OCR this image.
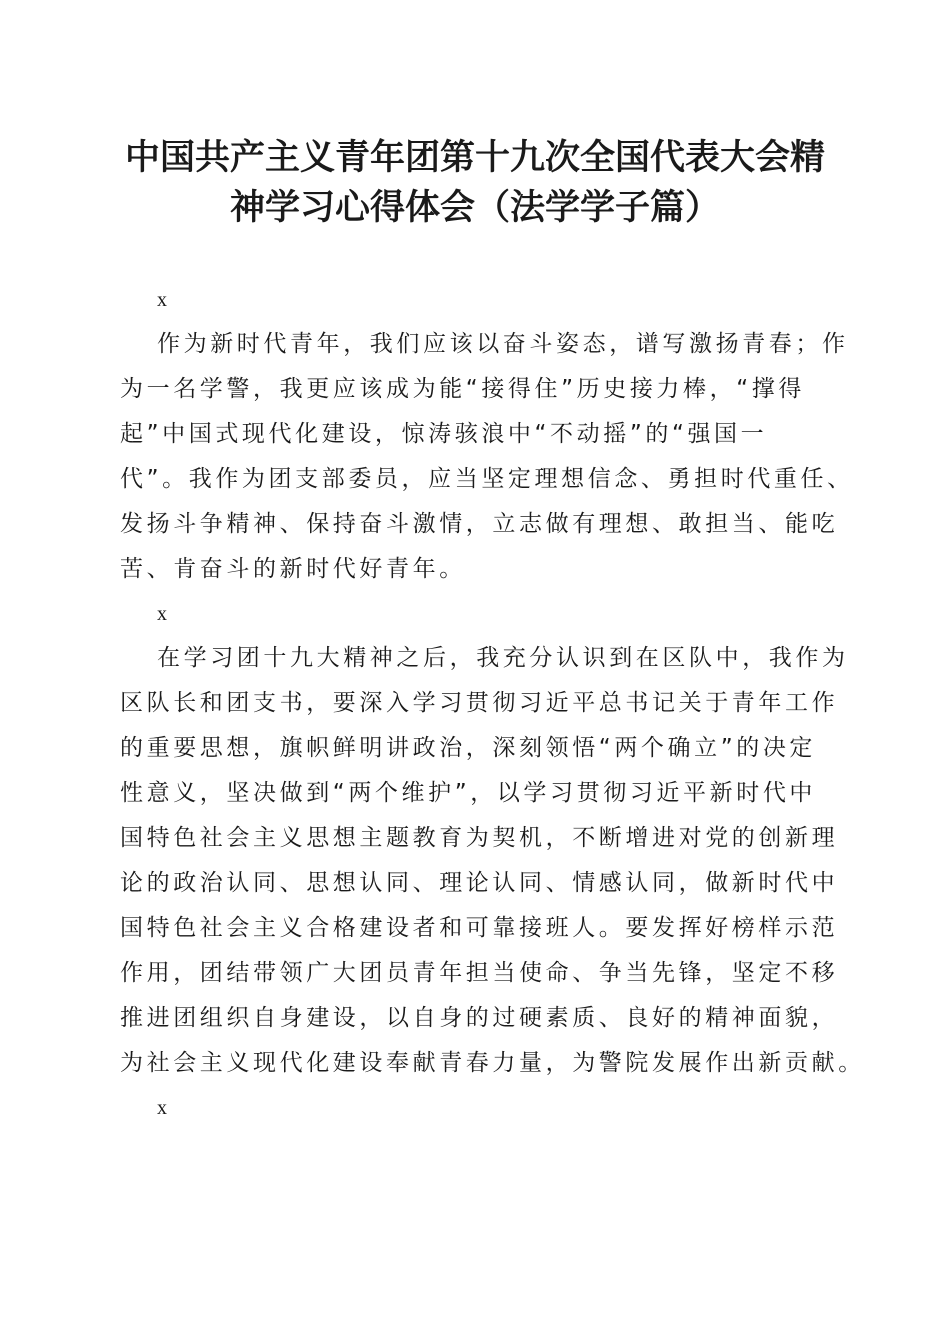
中国共产主义青年团第十九次全国代表大会精
神学习心得体会（法学学子篇）
x

作为新时代青年，我们应该以奋斗姿态，谱写激扬青春；作
为一名学警，我更应该成为能“接得住”历史接力棒，“撑得
起”中国式现代化建设，惊涛骇浪中“不动摇”的“强国一
代”。我作为团支部委员，应当坚定理想信念、勇担时代重任、
发扬斗争精神、保持奋斗激情，立志做有理想、敢担当、能吃
苦、肯奋斗的新时代好青年。

x

在学习团十九大精神之后，我充分认识到在区队中，我作为
区队长和团支书，要深入学习贯彻习近平总书记关于青年工作
的重要思想，旗帜鲜明讲政治，深刻领悟“两个确立”的决定
性意义，坚决做到“两个维护”，以学习贯彻习近平新时代中
国特色社会主义思想主题教育为契机，不断增进对党的创新理
论的政治认同、思想认同、理论认同、情感认同，做新时代中
国特色社会主义合格建设者和可靠接班人。要发挥好榜样示范
作用，团结带领广大团员青年担当使命、争当先锋，坚定不移
推进团组织自身建设，以自身的过硬素质、良好的精神面貌，
为社会主义现代化建设奉献青春力量，为警院发展作出新贡献。

x
